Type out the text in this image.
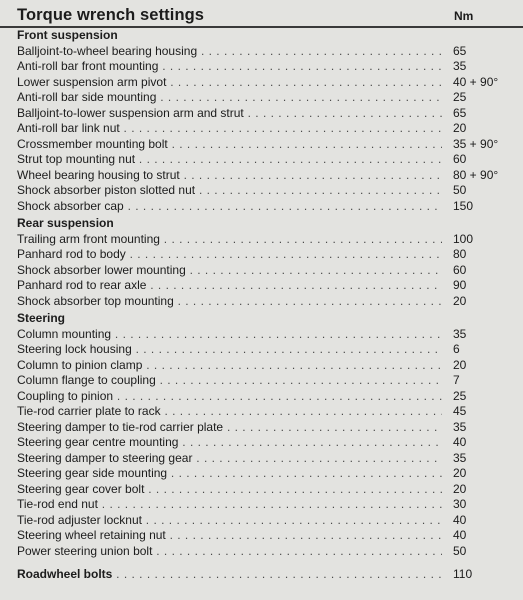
Torque wrench settings	Nm
Front suspension
Balljoint-to-wheel bearing housing . . .	65
Anti-roll bar front mounting . . .	35
Lower suspension arm pivot . . .	40 + 90°
Anti-roll bar side mounting . . .	25
Balljoint-to-lower suspension arm and strut . . .	65
Anti-roll bar link nut . . .	20
Crossmember mounting bolt . . .	35 + 90°
Strut top mounting nut . . .	60
Wheel bearing housing to strut . . .	80 + 90°
Shock absorber piston slotted nut . . .	50
Shock absorber cap . . .	150
Rear suspension
Trailing arm front mounting . . .	100
Panhard rod to body . . .	80
Shock absorber lower mounting . . .	60
Panhard rod to rear axle . . .	90
Shock absorber top mounting . . .	20
Steering
Column mounting . . .	35
Steering lock housing . . .	6
Column to pinion clamp . . .	20
Column flange to coupling . . .	7
Coupling to pinion . . .	25
Tie-rod carrier plate to rack . . .	45
Steering damper to tie-rod carrier plate . . .	35
Steering gear centre mounting . . .	40
Steering damper to steering gear . . .	35
Steering gear side mounting . . .	20
Steering gear cover bolt . . .	20
Tie-rod end nut . . .	30
Tie-rod adjuster locknut . . .	40
Steering wheel retaining nut . . .	40
Power steering union bolt . . .	50
Roadwheel bolts . . .	110
